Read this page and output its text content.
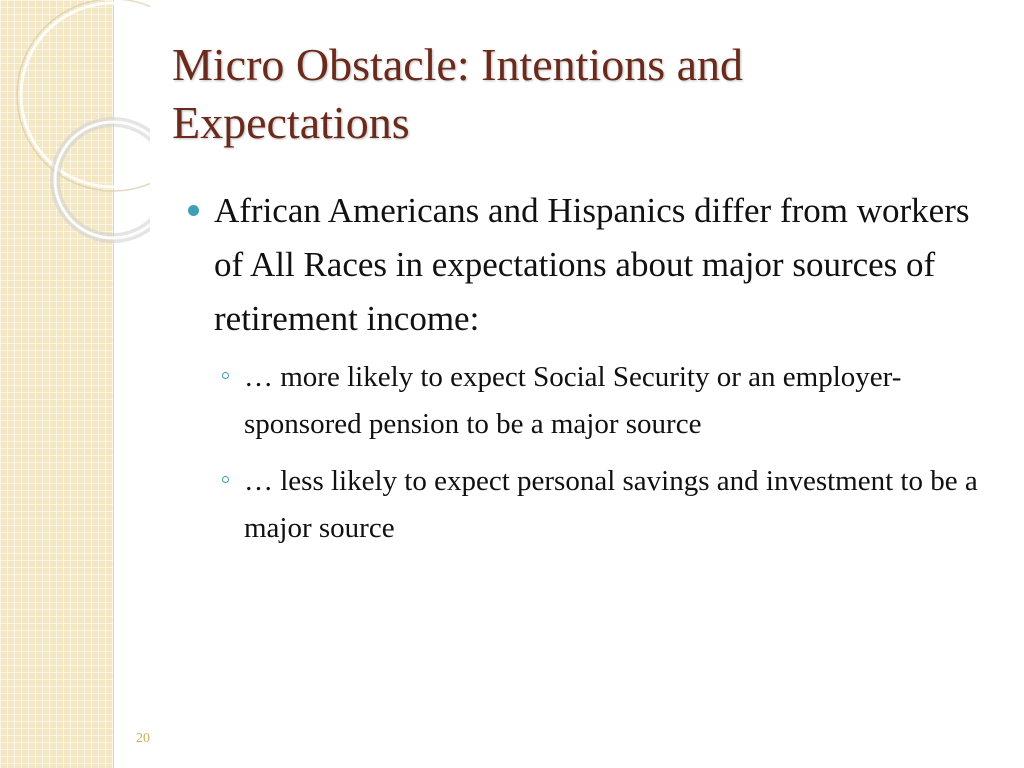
Micro Obstacle: Intentions and Expectations
African Americans and Hispanics differ from workers of All Races in expectations about major sources of retirement income:
… more likely to expect Social Security or an employer-sponsored pension to be a major source
… less likely to expect personal savings and investment to be a major source
20
